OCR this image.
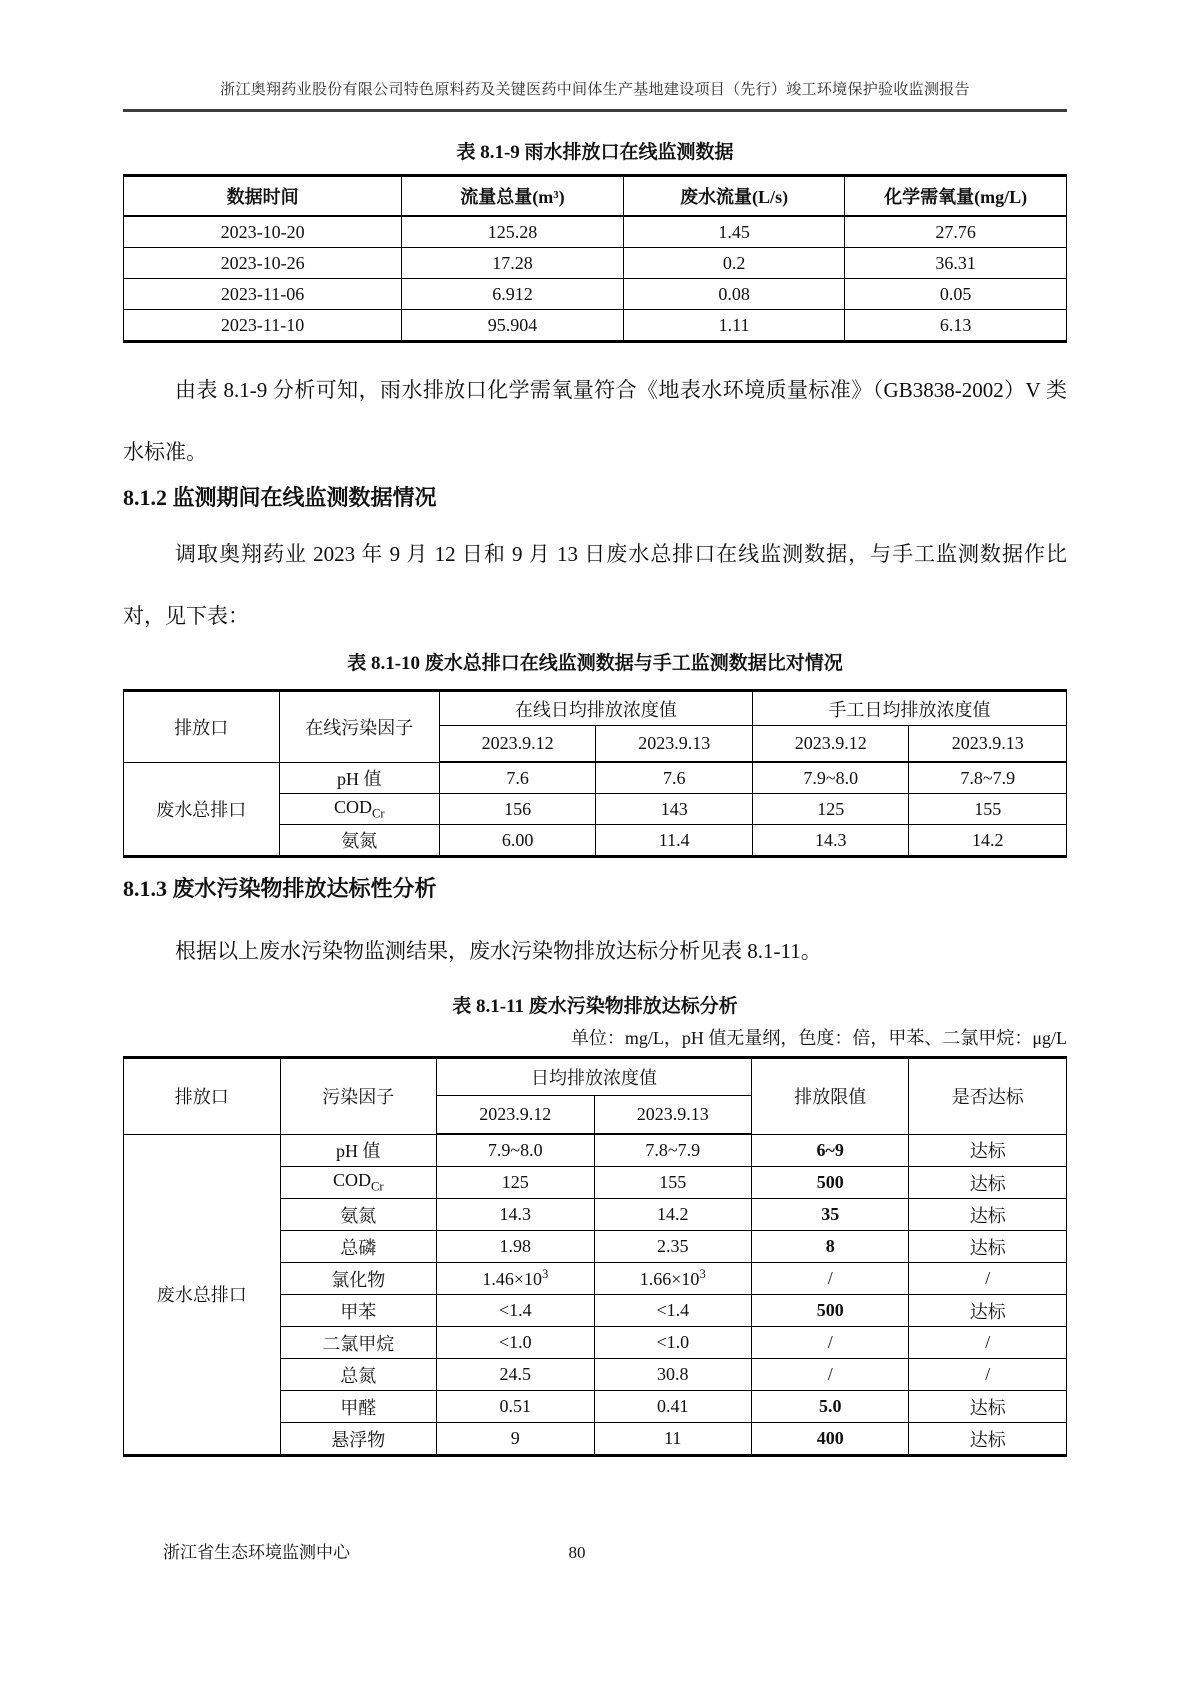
浙江奥翔药业股份有限公司特色原料药及关键医药中间体生产基地建设项目（先行）竣工环境保护验收监测报告
表 8.1-9 雨水排放口在线监测数据
数据时间	流量总量(m³)	废水流量(L/s)	化学需氧量(mg/L)
2023-10-20	125.28	1.45	27.76
2023-10-26	17.28	0.2	36.31
2023-11-06	6.912	0.08	0.05
2023-11-10	95.904	1.11	6.13

由表 8.1-9 分析可知，雨水排放口化学需氧量符合《地表水环境质量标准》（GB3838-2002）V 类水标准。

8.1.2 监测期间在线监测数据情况

调取奥翔药业 2023 年 9 月 12 日和 9 月 13 日废水总排口在线监测数据，与手工监测数据作比对，见下表：

表 8.1-10 废水总排口在线监测数据与手工监测数据比对情况
排放口	在线污染因子	在线日均排放浓度值		手工日均排放浓度值	
		2023.9.12	2023.9.13	2023.9.12	2023.9.13
废水总排口	pH 值	7.6	7.6	7.9~8.0	7.8~7.9
	$COD_{Cr}$	156	143	125	155
	氨氮	6.00	11.4	14.3	14.2
8.1.3 废水污染物排放达标性分析

根据以上废水污染物监测结果，废水污染物排放达标分析见表 8.1-11。

表 8.1-11 废水污染物排放达标分析
单位：mg/L，pH 值无量纲，色度：倍，甲苯、二氯甲烷：μg/L
排放口	污染因子	日均排放浓度值		排放限值	是否达标
		2023.9.12	2023.9.13		
废水总排口	pH 值	7.9~8.0	7.8~7.9	6~9	达标
	$COD_{Cr}$	125	155	500	达标
	氨氮	14.3	14.2	35	达标
	总磷	1.98	2.35	8	达标
	氯化物	$1.46\times 10^3$	$1.66\times 10^3$	/	/
	甲苯	<1.4	<1.4	500	达标
	二氯甲烷	<1.0	<1.0	/	/
	总氮	24.5	30.8	/	/
	甲醛	0.51	0.41	5.0	达标
	悬浮物	9	11	400	达标
浙江省生态环境监测中心	80
